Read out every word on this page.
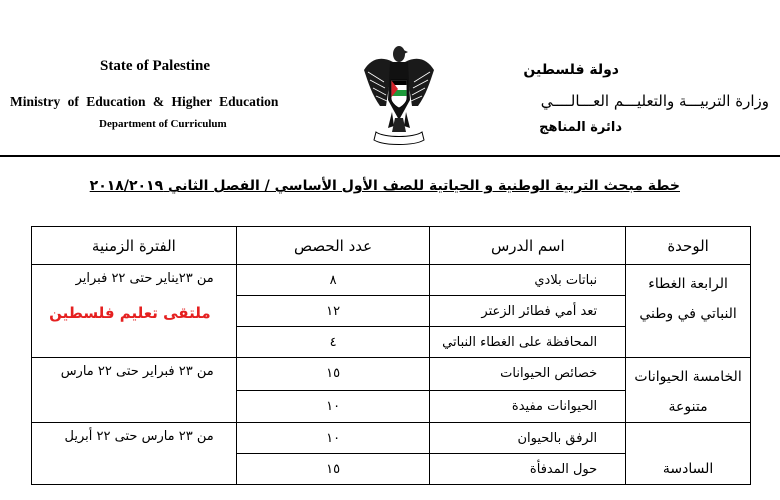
State of Palestine
Ministry of Education & Higher Education
Department of Curriculum
دولة فلسطين
وزارة التربيـــة والتعليـــم العـــالــــي
دائرة المناهج
خطة مبحث التربية الوطنية و الحياتية للصف الأول الأساسي / الفصل الثاني ٢٠١٨/٢٠١٩
الوحدة	اسم الدرس	عدد الحصص	الفترة الزمنية
الرابعة الغطاء النباتي في وطني	نباتات بلادي	٨	من ٢٣يناير حتى ٢٢ فبراير
ملتقى تعليم فلسطين

	تعد أمي فطائر الزعتر	١٢	
	المحافظة على الغطاء النباتي	٤	
الخامسة الحيوانات متنوعة	خصائص الحيوانات	١٥	من ٢٣ فبراير حتى ٢٢ مارس
	الحيوانات مفيدة	١٠	
السادسة	الرفق بالحيوان	١٠	من ٢٣ مارس حتى ٢٢ أبريل
	حول المدفأة	١٥	
